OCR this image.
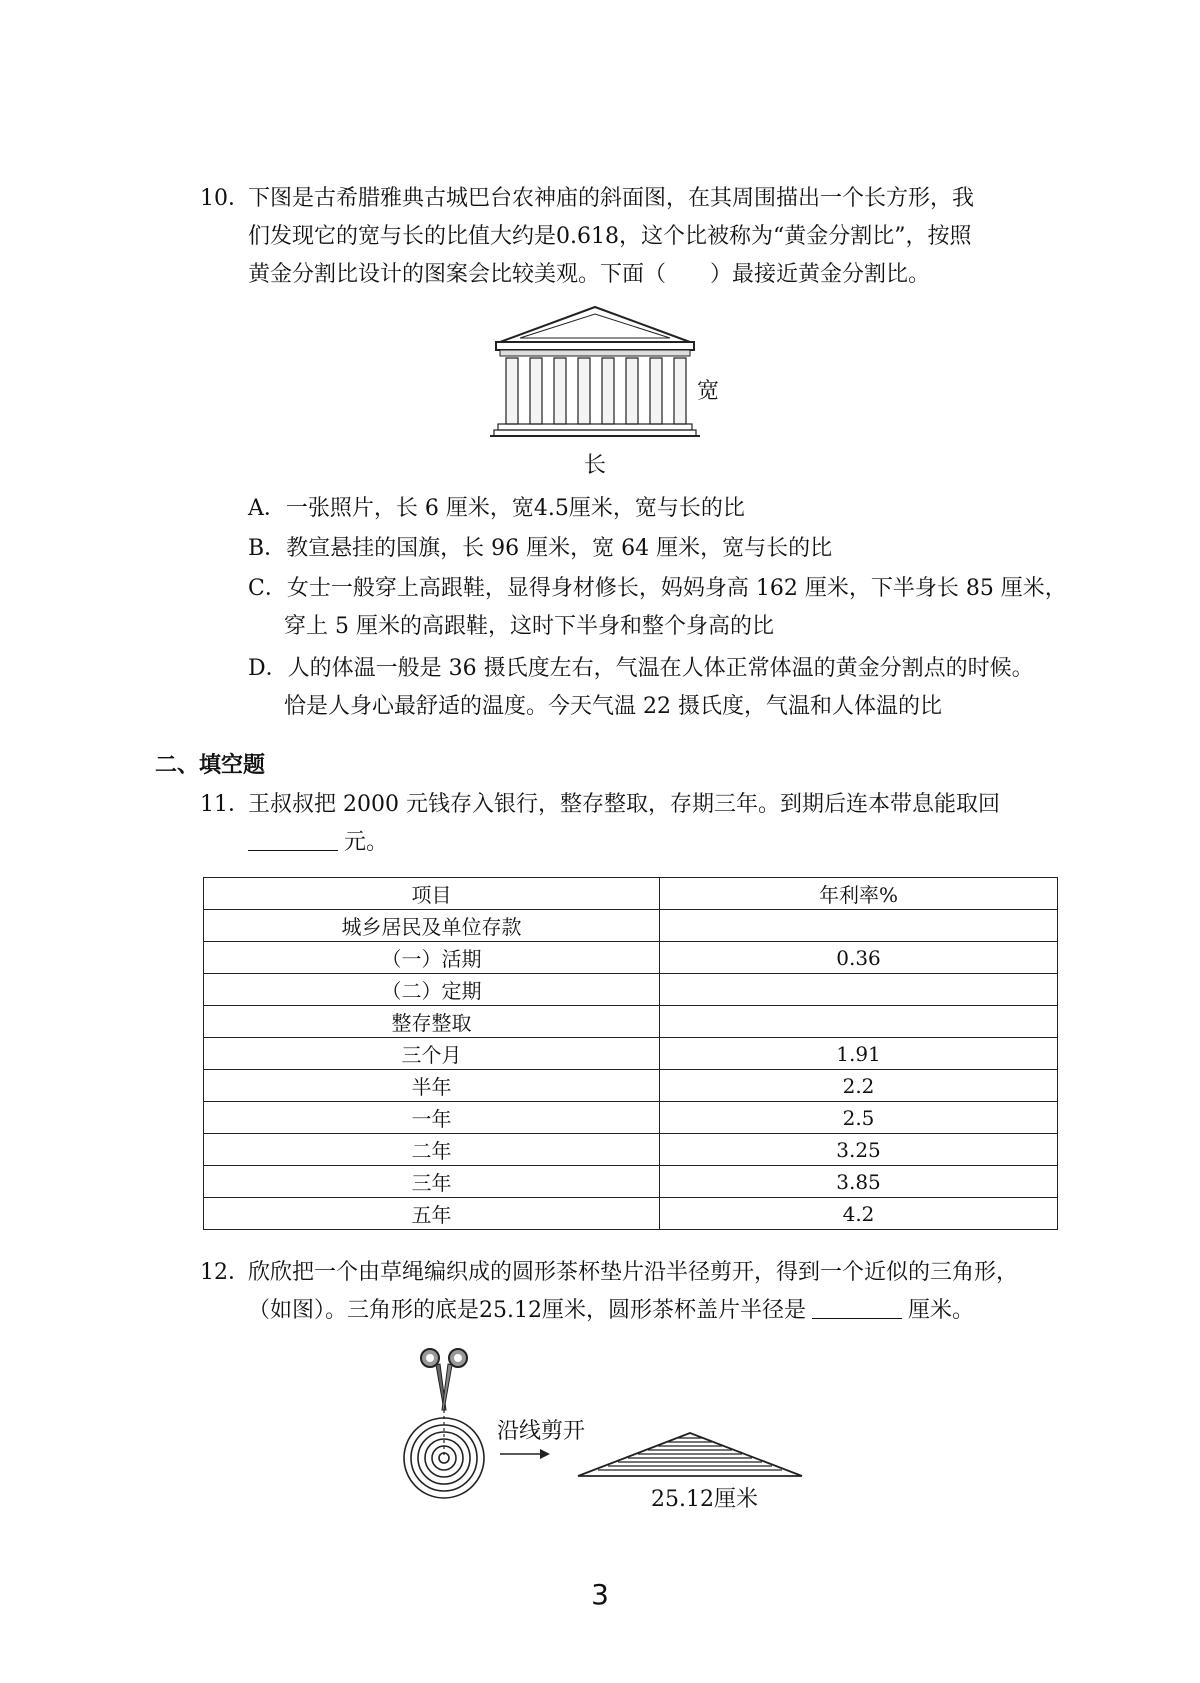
10．
下图是古希腊雅典古城巴台农神庙的斜面图，在其周围描出一个长方形，我
们发现它的宽与长的比值大约是0.618，这个比被称为“黄金分割比”，按照
黄金分割比设计的图案会比较美观。下面（　　）最接近黄金分割比。
宽
长
A．一张照片，长 6 厘米，宽4.5厘米，宽与长的比
B．教宣悬挂的国旗，长 96 厘米，宽 64 厘米，宽与长的比
C．女士一般穿上高跟鞋，显得身材修长，妈妈身高 162 厘米，下半身长 85 厘米，
穿上 5 厘米的高跟鞋，这时下半身和整个身高的比
D．人的体温一般是 36 摄氏度左右，气温在人体正常体温的黄金分割点的时候。
恰是人身心最舒适的温度。今天气温 22 摄氏度，气温和人体温的比
二、填空题
11．
王叔叔把 2000 元钱存入银行，整存整取，存期三年。到期后连本带息能取回
元。
项目	年利率%
城乡居民及单位存款	
（一）活期	0.36
（二）定期	
整存整取	
三个月	1.91
半年	2.2
一年	2.5
二年	3.25
三年	3.85
五年	4.2
12．
欣欣把一个由草绳编织成的圆形茶杯垫片沿半径剪开，得到一个近似的三角形，
（如图）。三角形的底是25.12厘米，圆形茶杯盖片半径是	厘米。
沿线剪开
25.12厘米
3
